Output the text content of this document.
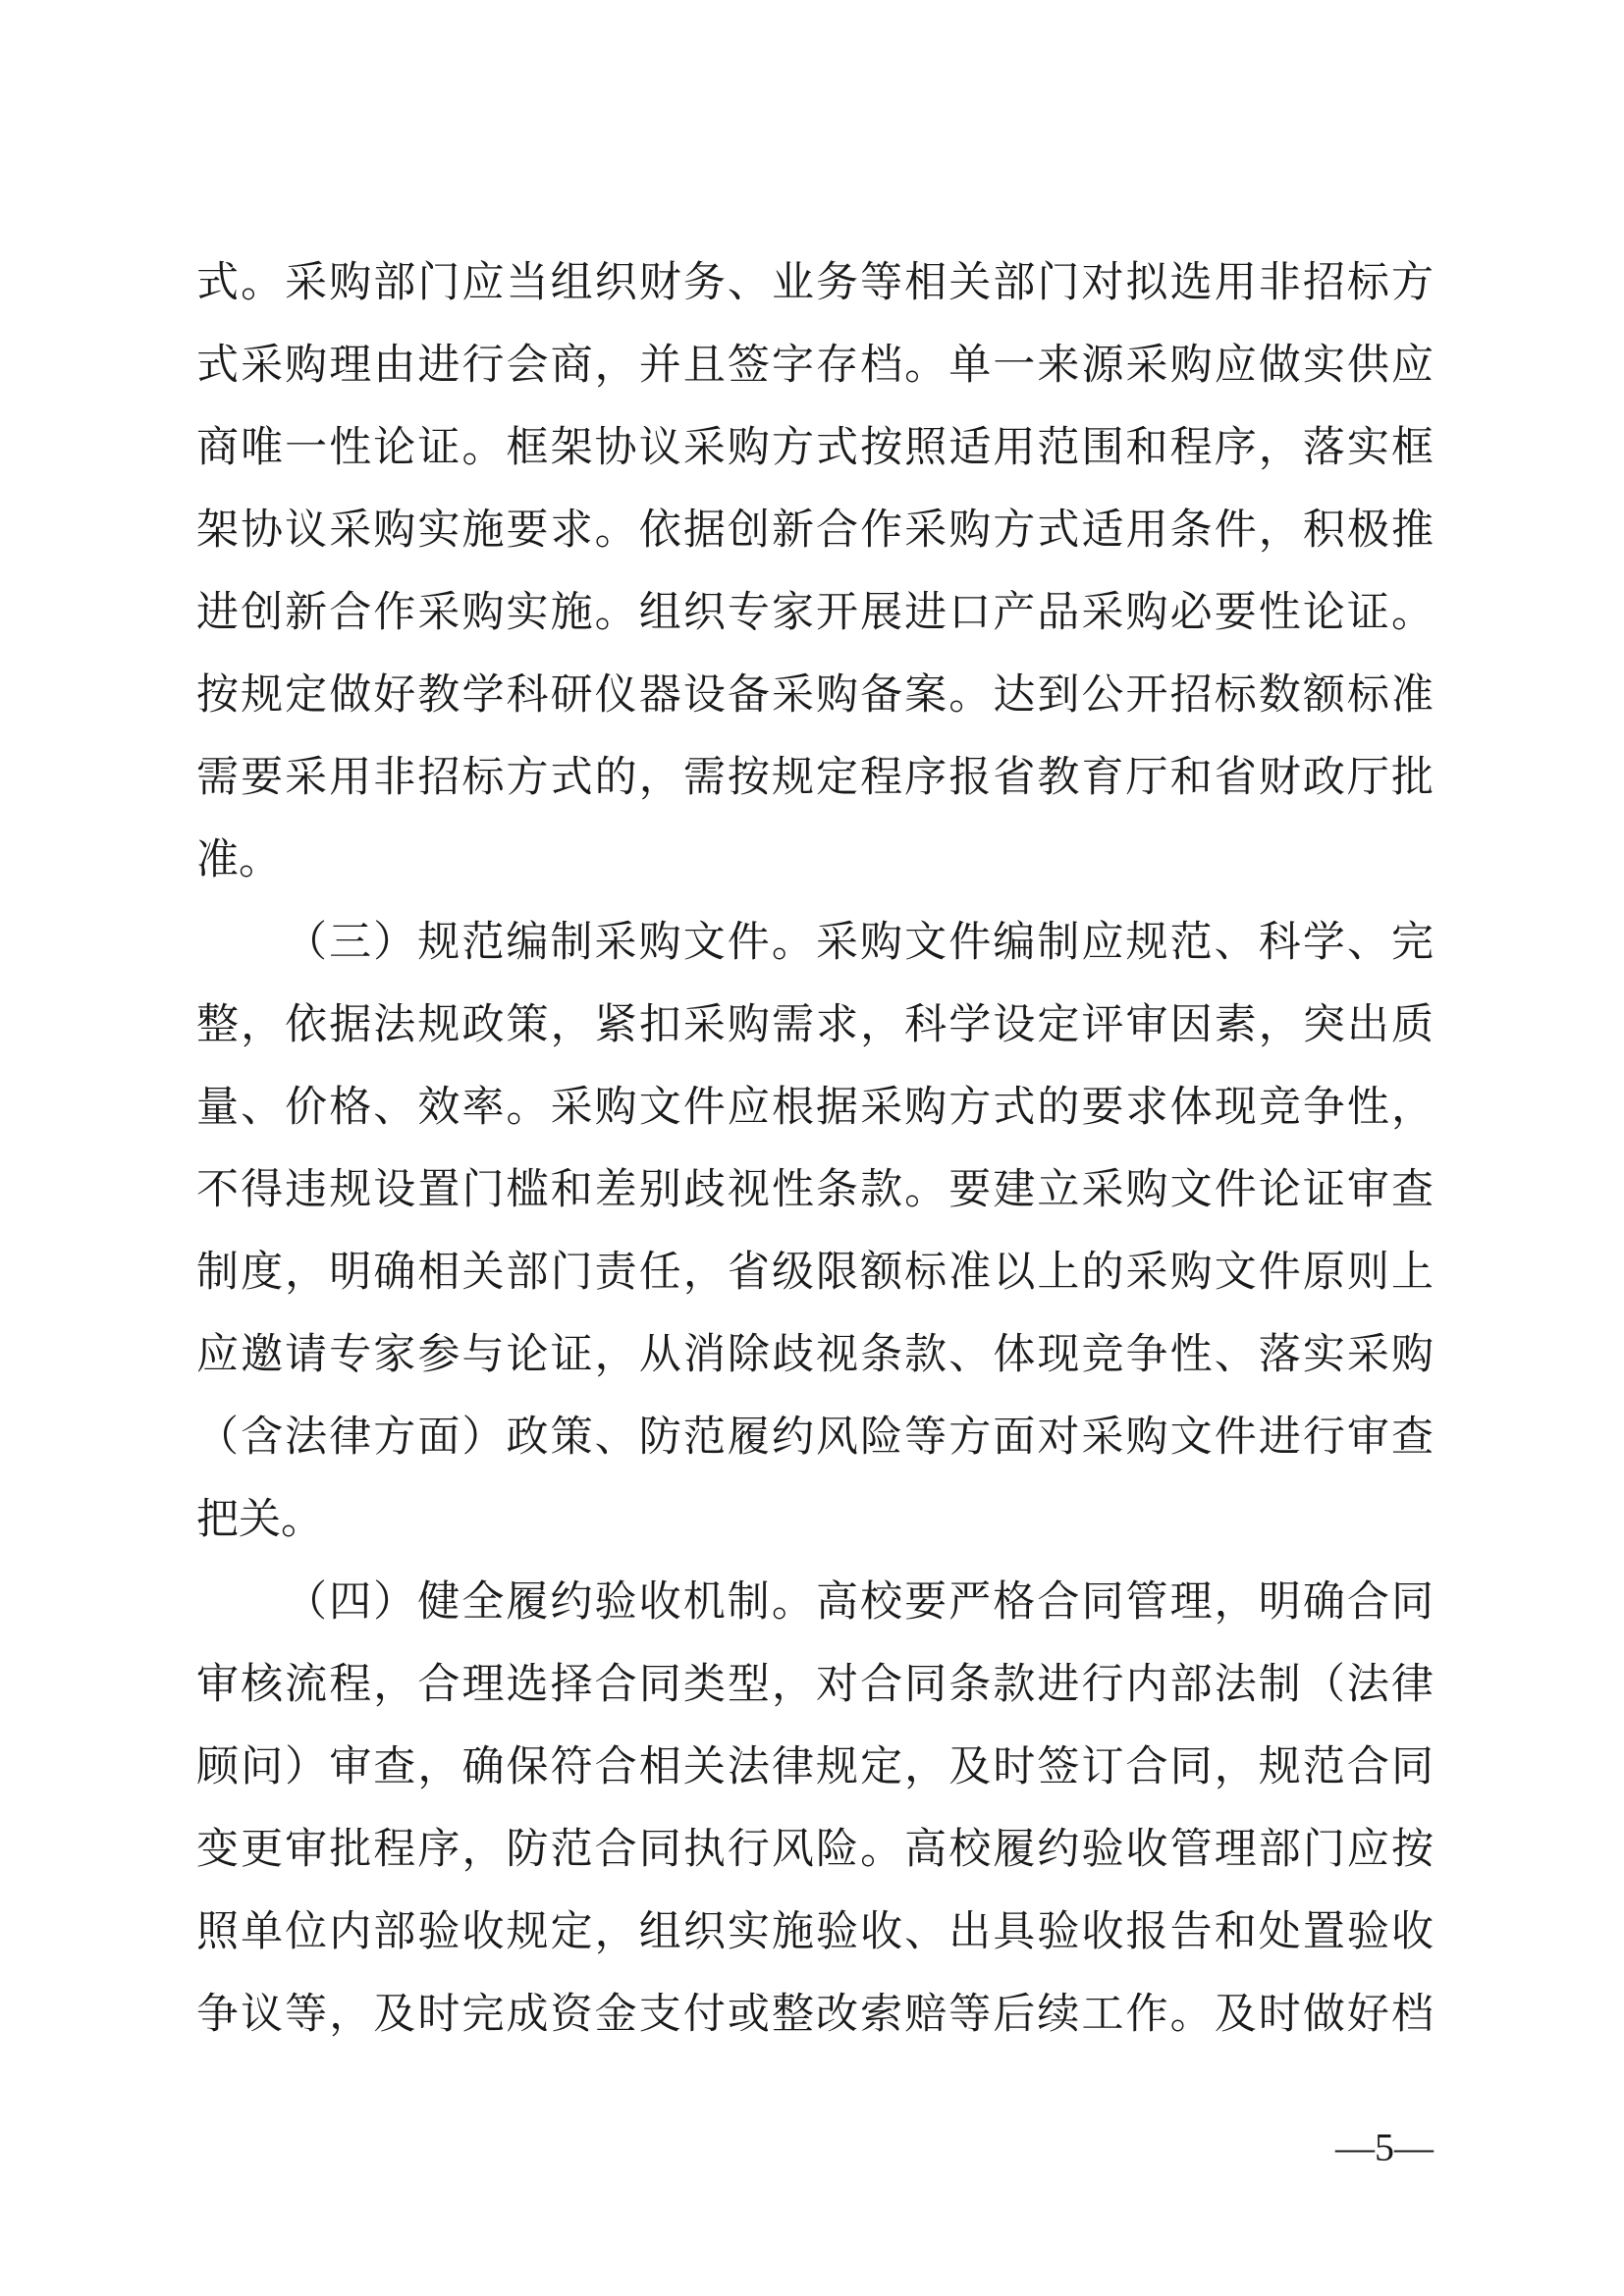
式。采购部门应当组织财务、业务等相关部门对拟选用非招标方
式采购理由进行会商，并且签字存档。单一来源采购应做实供应
商唯一性论证。框架协议采购方式按照适用范围和程序，落实框
架协议采购实施要求。依据创新合作采购方式适用条件，积极推
进创新合作采购实施。组织专家开展进口产品采购必要性论证。
按规定做好教学科研仪器设备采购备案。达到公开招标数额标准
需要采用非招标方式的，需按规定程序报省教育厅和省财政厅批
准。
（三）规范编制采购文件。采购文件编制应规范、科学、完
整，依据法规政策，紧扣采购需求，科学设定评审因素，突出质
量、价格、效率。采购文件应根据采购方式的要求体现竞争性，
不得违规设置门槛和差别歧视性条款。要建立采购文件论证审查
制度，明确相关部门责任，省级限额标准以上的采购文件原则上
应邀请专家参与论证，从消除歧视条款、体现竞争性、落实采购
（含法律方面）政策、防范履约风险等方面对采购文件进行审查
把关。
（四）健全履约验收机制。高校要严格合同管理，明确合同
审核流程，合理选择合同类型，对合同条款进行内部法制（法律
顾问）审查，确保符合相关法律规定，及时签订合同，规范合同
变更审批程序，防范合同执行风险。高校履约验收管理部门应按
照单位内部验收规定，组织实施验收、出具验收报告和处置验收
争议等，及时完成资金支付或整改索赔等后续工作。及时做好档
—5—
